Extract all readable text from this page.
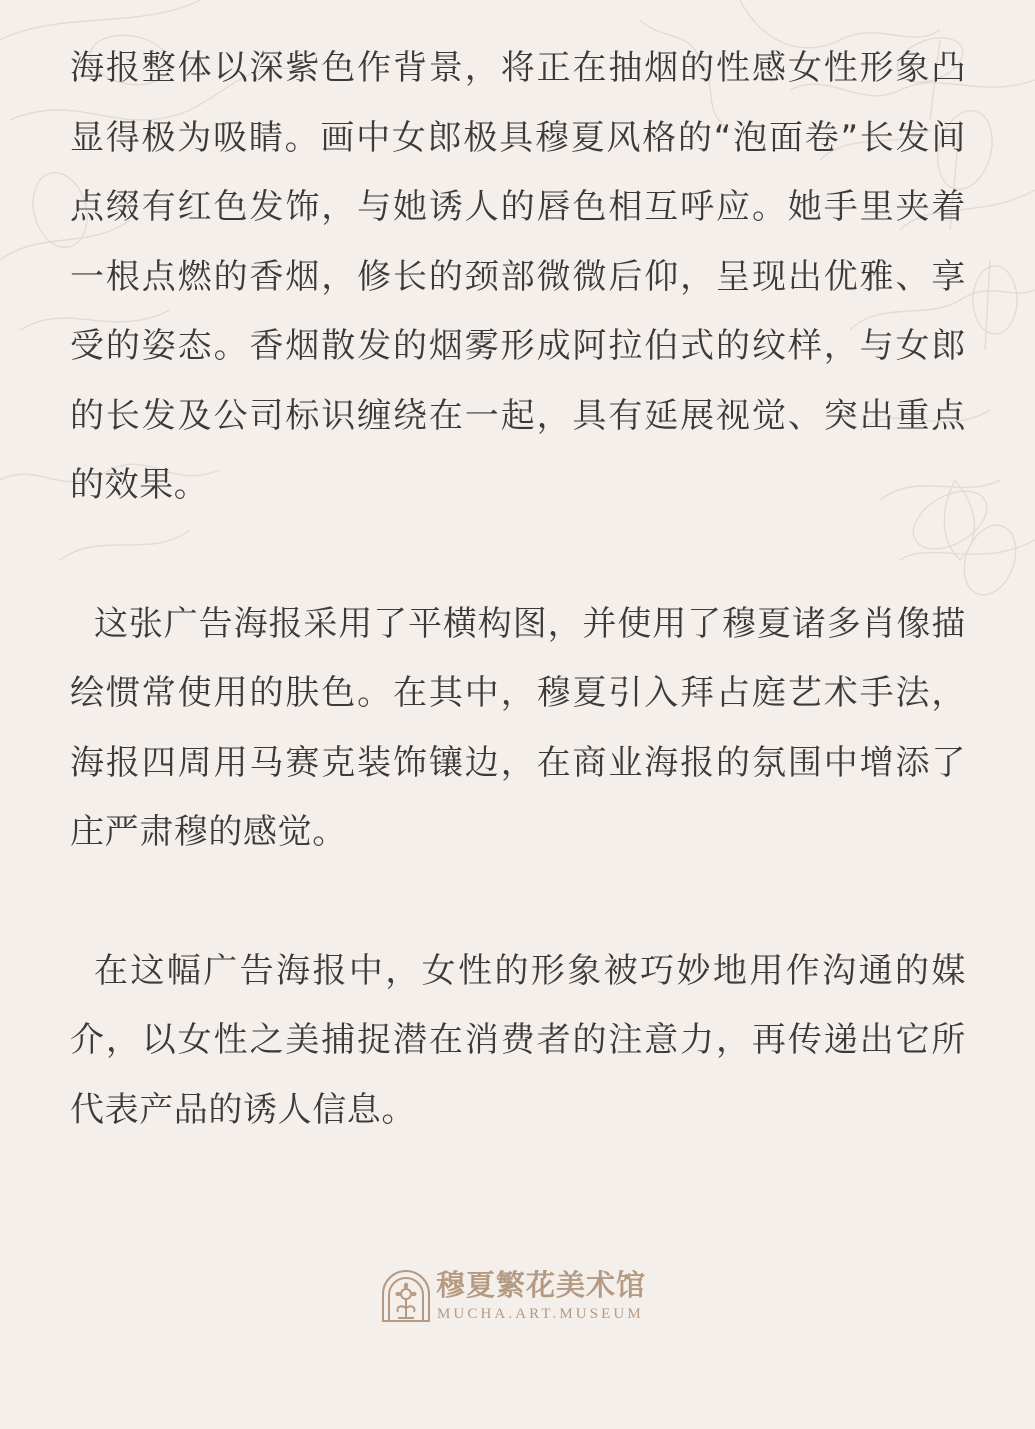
海报整体以深紫色作背景，将正在抽烟的性感女性形象凸显得极为吸睛。画中女郎极具穆夏风格的“泡面卷”长发间点缀有红色发饰，与她诱人的唇色相互呼应。她手里夹着一根点燃的香烟，修长的颈部微微后仰，呈现出优雅、享受的姿态。香烟散发的烟雾形成阿拉伯式的纹样，与女郎的长发及公司标识缠绕在一起，具有延展视觉、突出重点的效果。

这张广告海报采用了平横构图，并使用了穆夏诸多肖像描绘惯常使用的肤色。在其中，穆夏引入拜占庭艺术手法，海报四周用马赛克装饰镶边，在商业海报的氛围中增添了庄严肃穆的感觉。

在这幅广告海报中，女性的形象被巧妙地用作沟通的媒介，以女性之美捕捉潜在消费者的注意力，再传递出它所代表产品的诱人信息。

穆夏繁花美术馆
MUCHA.ART.MUSEUM
